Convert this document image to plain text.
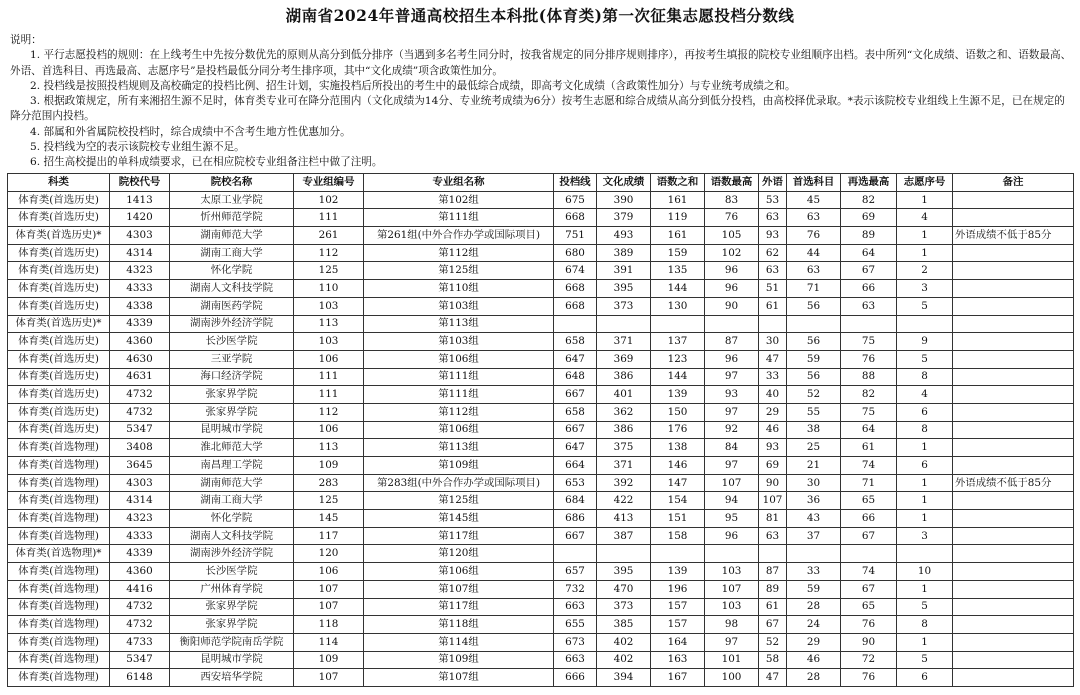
湖南省2024年普通高校招生本科批(体育类)第一次征集志愿投档分数线

说明：

1. 平行志愿投档的规则：在上线考生中先按分数优先的原则从高分到低分排序（当遇到多名考生同分时，按我省规定的同分排序规则排序），再按考生填报的院校专业组顺序出档。表中所列“文化成绩、语数之和、语数最高、外语、首选科目、再选最高、志愿序号”是投档最低分同分考生排序项，其中“文化成绩”项含政策性加分。

2. 投档线是按照投档规则及高校确定的投档比例、招生计划，实施投档后所投出的考生中的最低综合成绩，即高考文化成绩（含政策性加分）与专业统考成绩之和。

3. 根据政策规定，所有来湘招生源不足时，体育类专业可在降分范围内（文化成绩为14分、专业统考成绩为6分）按考生志愿和综合成绩从高分到低分投档，由高校择优录取。*表示该院校专业组线上生源不足，已在规定的降分范围内投档。

4. 部属和外省属院校投档时，综合成绩中不含考生地方性优惠加分。

5. 投档线为空的表示该院校专业组生源不足。

6. 招生高校提出的单科成绩要求，已在相应院校专业组备注栏中做了注明。

科类	院校代号	院校名称	专业组编号	专业组名称	投档线	文化成绩	语数之和	语数最高	外语	首选科目	再选最高	志愿序号	备注
体育类(首选历史)	1413	太原工业学院	102	第102组	675	390	161	83	53	45	82	1	
体育类(首选历史)	1420	忻州师范学院	111	第111组	668	379	119	76	63	63	69	4	
体育类(首选历史)*	4303	湖南师范大学	261	第261组(中外合作办学或国际项目)	751	493	161	105	93	76	89	1	外语成绩不低于85分
体育类(首选历史)	4314	湖南工商大学	112	第112组	680	389	159	102	62	44	64	1	
体育类(首选历史)	4323	怀化学院	125	第125组	674	391	135	96	63	63	67	2	
体育类(首选历史)	4333	湖南人文科技学院	110	第110组	668	395	144	96	51	71	66	3	
体育类(首选历史)	4338	湖南医药学院	103	第103组	668	373	130	90	61	56	63	5	
体育类(首选历史)*	4339	湖南涉外经济学院	113	第113组									
体育类(首选历史)	4360	长沙医学院	103	第103组	658	371	137	87	30	56	75	9	
体育类(首选历史)	4630	三亚学院	106	第106组	647	369	123	96	47	59	76	5	
体育类(首选历史)	4631	海口经济学院	111	第111组	648	386	144	97	33	56	88	8	
体育类(首选历史)	4732	张家界学院	111	第111组	667	401	139	93	40	52	82	4	
体育类(首选历史)	4732	张家界学院	112	第112组	658	362	150	97	29	55	75	6	
体育类(首选历史)	5347	昆明城市学院	106	第106组	667	386	176	92	46	38	64	8	
体育类(首选物理)	3408	淮北师范大学	113	第113组	647	375	138	84	93	25	61	1	
体育类(首选物理)	3645	南昌理工学院	109	第109组	664	371	146	97	69	21	74	6	
体育类(首选物理)	4303	湖南师范大学	283	第283组(中外合作办学或国际项目)	653	392	147	107	90	30	71	1	外语成绩不低于85分
体育类(首选物理)	4314	湖南工商大学	125	第125组	684	422	154	94	107	36	65	1	
体育类(首选物理)	4323	怀化学院	145	第145组	686	413	151	95	81	43	66	1	
体育类(首选物理)	4333	湖南人文科技学院	117	第117组	667	387	158	96	63	37	67	3	
体育类(首选物理)*	4339	湖南涉外经济学院	120	第120组									
体育类(首选物理)	4360	长沙医学院	106	第106组	657	395	139	103	87	33	74	10	
体育类(首选物理)	4416	广州体育学院	107	第107组	732	470	196	107	89	59	67	1	
体育类(首选物理)	4732	张家界学院	107	第117组	663	373	157	103	61	28	65	5	
体育类(首选物理)	4732	张家界学院	118	第118组	655	385	157	98	67	24	76	8	
体育类(首选物理)	4733	衡阳师范学院南岳学院	114	第114组	673	402	164	97	52	29	90	1	
体育类(首选物理)	5347	昆明城市学院	109	第109组	663	402	163	101	58	46	72	5	
体育类(首选物理)	6148	西安培华学院	107	第107组	666	394	167	100	47	28	76	6	
